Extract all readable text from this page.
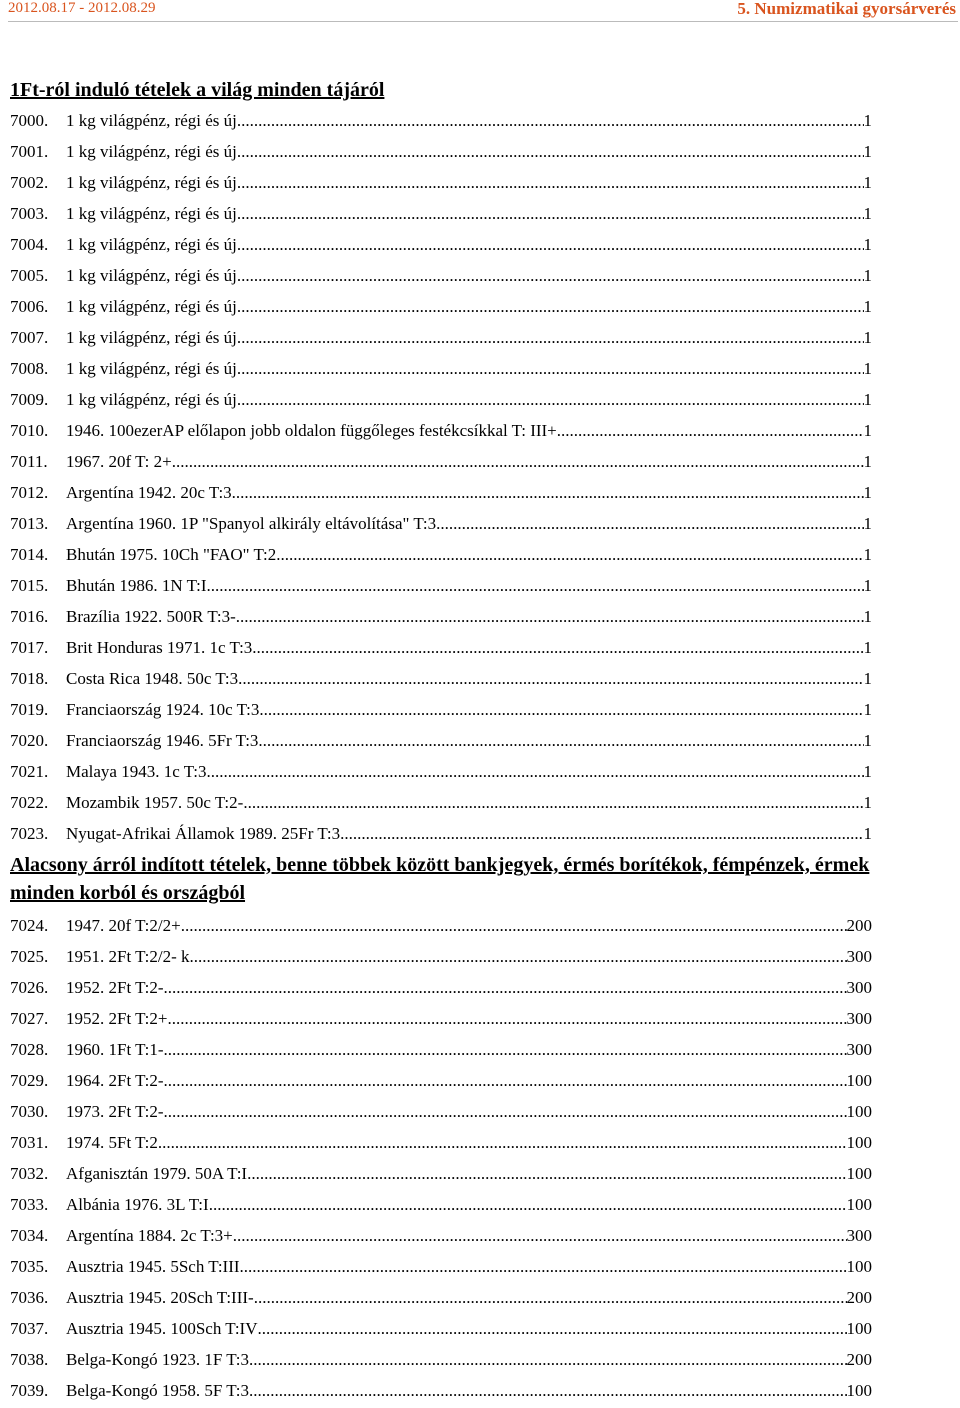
2012.08.17 - 2012.08.29	5. Numizmatikai gyorsárverés
1Ft-ról induló tételek a világ minden tájáról
7000.	1 kg világpénz, régi és új .....	1
7001.	1 kg világpénz, régi és új .....	1
7002.	1 kg világpénz, régi és új .....	1
7003.	1 kg világpénz, régi és új .....	1
7004.	1 kg világpénz, régi és új .....	1
7005.	1 kg világpénz, régi és új .....	1
7006.	1 kg világpénz, régi és új .....	1
7007.	1 kg világpénz, régi és új .....	1
7008.	1 kg világpénz, régi és új .....	1
7009.	1 kg világpénz, régi és új .....	1
7010.	1946. 100ezerAP előlapon jobb oldalon függőleges festékcsíkkal T: III+ .....	1
7011.	1967. 20f T: 2+ .....	1
7012.	Argentína 1942. 20c T:3 .....	1
7013.	Argentína 1960. 1P "Spanyol alkirály eltávolítása" T:3 .....	1
7014.	Bhután 1975. 10Ch "FAO" T:2 .....	1
7015.	Bhután 1986. 1N T:I .....	1
7016.	Brazília 1922. 500R T:3- .....	1
7017.	Brit Honduras 1971. 1c T:3 .....	1
7018.	Costa Rica 1948. 50c T:3 .....	1
7019.	Franciaország 1924. 10c T:3 .....	1
7020.	Franciaország 1946. 5Fr T:3 .....	1
7021.	Malaya 1943. 1c T:3 .....	1
7022.	Mozambik 1957. 50c T:2- .....	1
7023.	Nyugat-Afrikai Államok 1989. 25Fr T:3 .....	1
Alacsony árról indított tételek, benne többek között bankjegyek, érmés borítékok, fémpénzek, érmek minden korból és országból
7024.	1947. 20f T:2/2+ .....	200
7025.	1951. 2Ft T:2/2- k .....	300
7026.	1952. 2Ft T:2- .....	300
7027.	1952. 2Ft T:2+ .....	300
7028.	1960. 1Ft T:1- .....	300
7029.	1964. 2Ft T:2- .....	100
7030.	1973. 2Ft T:2- .....	100
7031.	1974. 5Ft T:2 .....	100
7032.	Afganisztán 1979. 50A T:I .....	100
7033.	Albánia 1976. 3L T:I .....	100
7034.	Argentína 1884. 2c T:3+ .....	300
7035.	Ausztria 1945. 5Sch T:III .....	100
7036.	Ausztria 1945. 20Sch T:III- .....	200
7037.	Ausztria 1945. 100Sch T:IV .....	100
7038.	Belga-Kongó 1923. 1F T:3 .....	200
7039.	Belga-Kongó 1958. 5F T:3 .....	100
